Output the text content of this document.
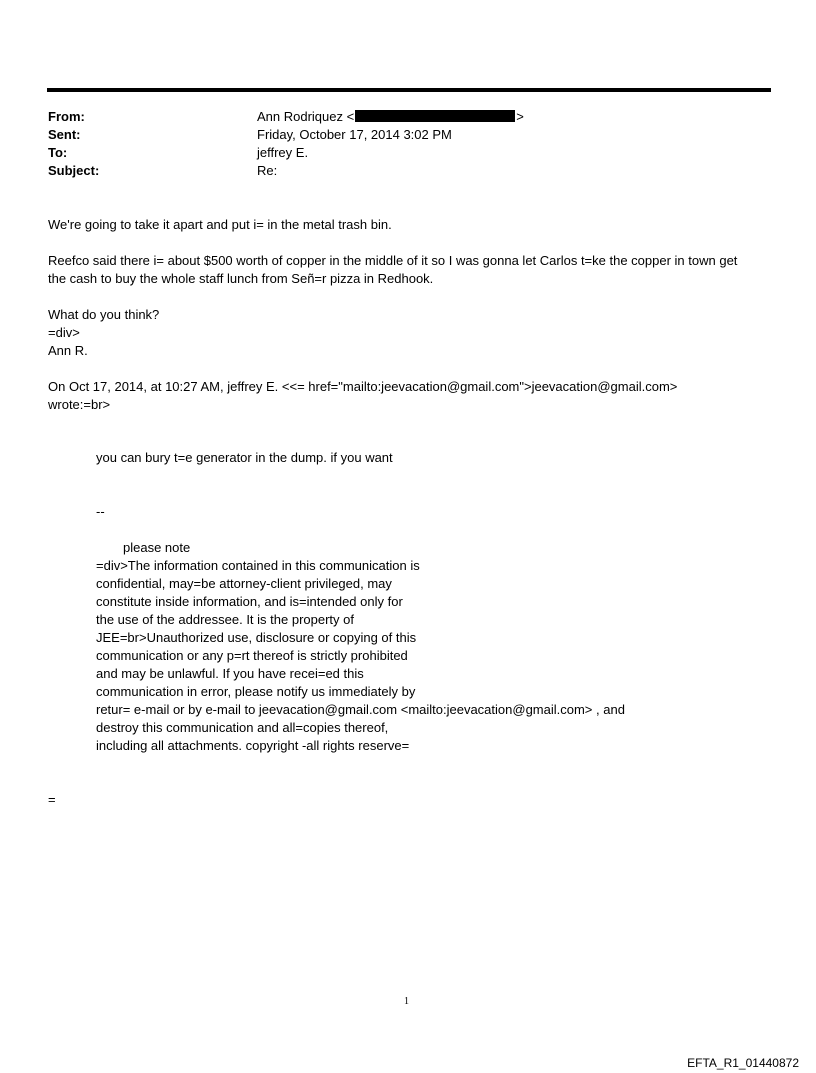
From:	Ann Rodriquez <	>
Sent:	Friday, October 17, 2014 3:02 PM
To:	jeffrey E.
Subject:	Re:
We're going to take it apart and put i= in the metal trash bin.
Reefco said there i= about $500 worth of copper in the middle of it so I was gonna let Carlos t=ke the copper in town get
the cash to buy the whole staff lunch from Señ=r pizza in Redhook.
What do you think?
=div>
Ann R.
On Oct 17, 2014, at 10:27 AM, jeffrey E. <<= href="mailto:jeevacation@gmail.com">jeevacation@gmail.com>
wrote:=br>
you can bury t=e generator in the dump. if you want
--
please note
=div>The information contained in this communication is
confidential, may=be attorney-client privileged, may
constitute inside information, and is=intended only for
the use of the addressee. It is the property of
JEE=br>Unauthorized use, disclosure or copying of this
communication or any p=rt thereof is strictly prohibited
and may be unlawful. If you have recei=ed this
communication in error, please notify us immediately by
retur= e-mail or by e-mail to jeevacation@gmail.com <mailto:jeevacation@gmail.com> , and
destroy this communication and all=copies thereof,
including all attachments. copyright -all rights reserve=
=
1
EFTA_R1_01440872
